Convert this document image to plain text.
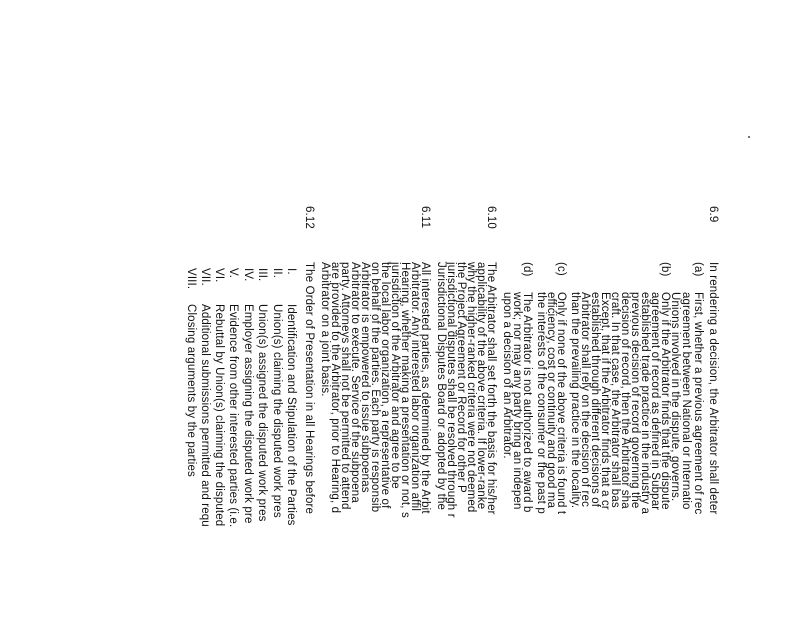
6.9
In rendering a decision, the Arbitrator shall deter
(a)
First, whether a previous agreement of rec
agreement between National or Internatio
Unions involved in the dispute, governs.
(b)
Only if the Arbitrator finds that the dispute
agreement of record as defined in Subpar
established trade practice in the industry a
previous decision of record governing the
decision of record, then the Arbitrator sha
craft. In that case, the Arbitrator shall bas
Except, that if the Arbitrator finds that a cr
established through different decisions of
Arbitrator shall rely on the decision of rec
than the prevailing practice in the locality.
(c)
Only if none of the above criteria is found t
efficiency, cost or continuity and good ma
the interests of the consumer or the past p
(d)
The Arbitrator is not authorized to award b
work; nor may any party bring an indepen
upon a decision of an Arbitrator.
6.10
The Arbitrator shall set forth the basis for his/her
applicability of the above criteria. If lower-ranke
why the higher-ranked criteria were not deemed
the Project Agreement or Record for other P
jurisdictional disputes shall be resolved through r
Jurisdictional Disputes Board or adopted by the
6.11
All interested parties, as determined by the Arbit
Arbitrator. Any interested labor organization affil
Hearing, whether making a presentation or not, s
jurisdiction of the Arbitrator and agree to be
the local labor organization, a representative of
on behalf of the parties. Each party is responsib
Arbitrator is empowered to issue subpoenas
Arbitrator to execute. Service of the subpoena
party. Attorneys shall not be permitted to attend
are provided to the Arbitrator, prior to Hearing, d
Arbitrator on a joint basis.
6.12
The Order of Presentation in all Hearings before
I.
Identification and Stipulation of the Parties
II.
Union(s) claiming the disputed work pres
III.
Union(s) assigned the disputed work pres
IV.
Employer assigning the disputed work pre
V.
Evidence from other interested parties (i.e.
VI.
Rebuttal by Union(s) claiming the disputed
VII.
Additional submissions permitted and requ
VIII.
Closing arguments by the parties
